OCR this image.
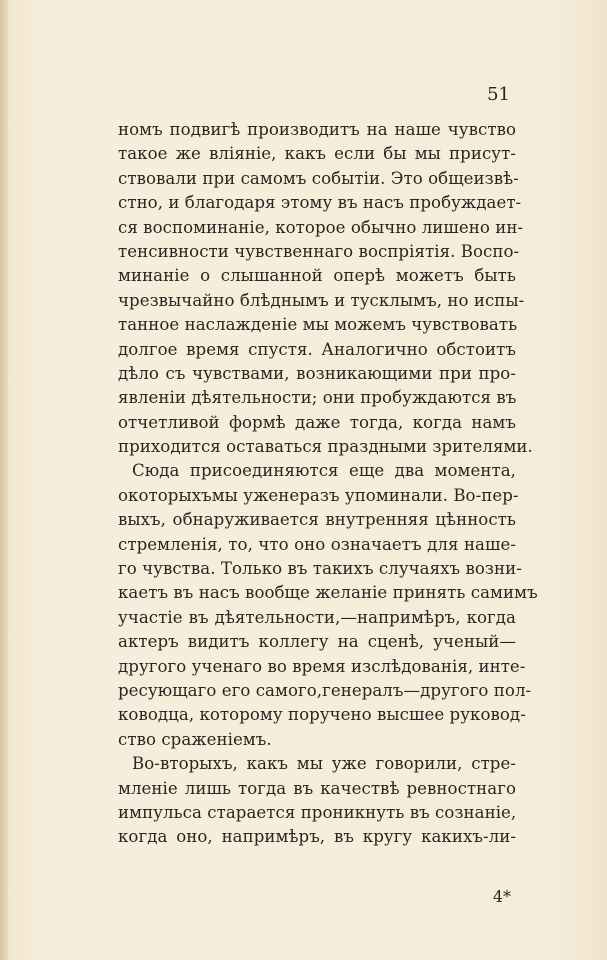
51
номъ подвигѣ производитъ на наше чувство
такое же вліяніе, какъ если бы мы присут-
ствовали при самомъ событіи. Это общеизвѣ-
стно, и благодаря этому въ насъ пробуждает-
ся воспоминаніе, которое обычно лишено ин-
тенсивности чувственнаго воспріятія. Воспо-
минаніе о слышанной оперѣ можетъ быть
чрезвычайно блѣднымъ и тусклымъ, но испы-
танное наслажденіе мы можемъ чувствовать
долгое время спустя. Аналогично обстоитъ
дѣло съ чувствами, возникающими при про-
явленіи дѣятельности; они пробуждаются въ
отчетливой формѣ даже тогда, когда намъ
приходится оставаться праздными зрителями.
Сюда присоединяются еще два момента,
окоторыхъмы уженеразъ упоминали. Во-пер-
выхъ, обнаруживается внутренняя цѣнность
стремленія, то, что оно означаетъ для наше-
го чувства. Только въ такихъ случаяхъ возни-
каетъ въ насъ вообще желаніе принять самимъ
участіе въ дѣятельности,—напримѣръ, когда
актеръ видитъ коллегу на сценѣ, ученый—
другого ученаго во время изслѣдованія, инте-
ресующаго его самого,генералъ—другого пол-
ководца, которому поручено высшее руковод-
ство сраженіемъ.
Во-вторыхъ, какъ мы уже говорили, стре-
мленіе лишь тогда въ качествѣ ревностнаго
импульса старается проникнуть въ сознаніе,
когда оно, напримѣръ, въ кругу какихъ-ли-
4*
